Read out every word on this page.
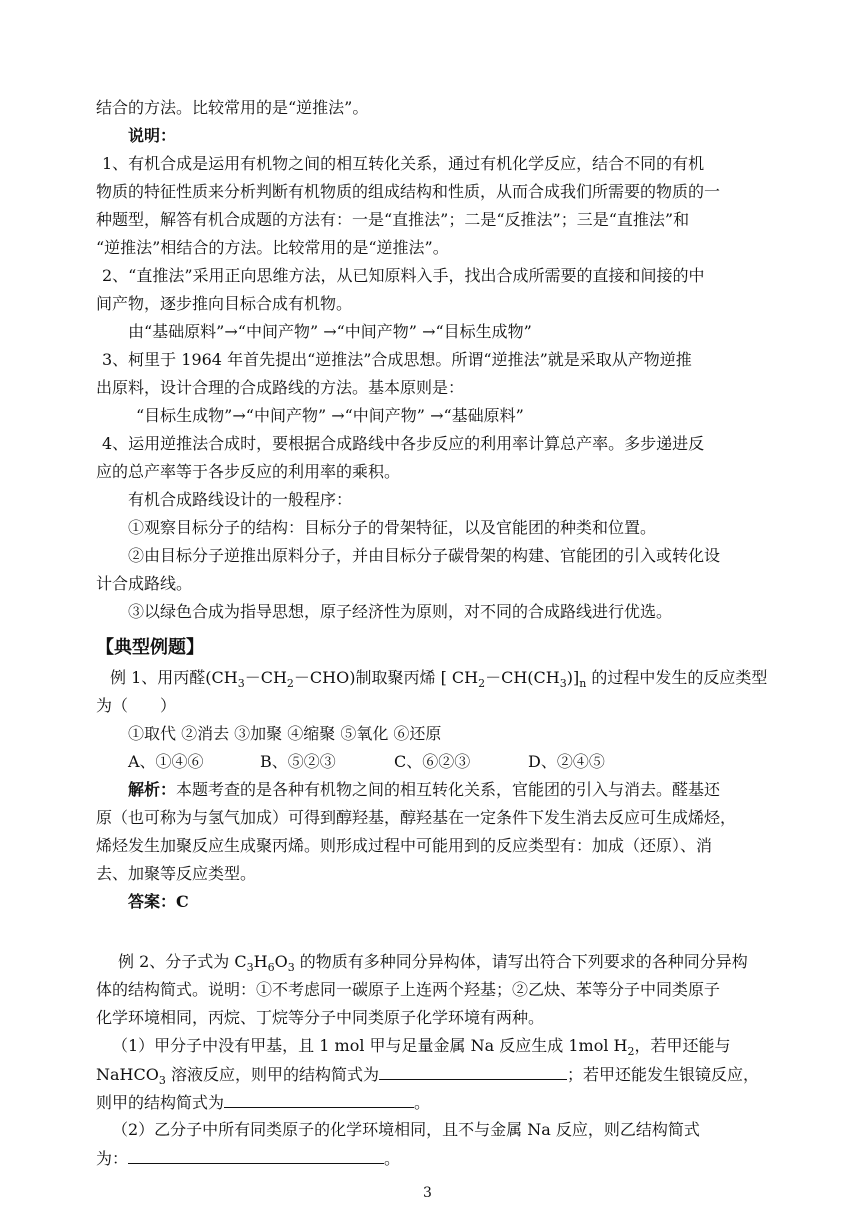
结合的方法。比较常用的是“逆推法”。
说明：
1、有机合成是运用有机物之间的相互转化关系，通过有机化学反应，结合不同的有机
物质的特征性质来分析判断有机物质的组成结构和性质，从而合成我们所需要的物质的一
种题型，解答有机合成题的方法有：一是“直推法”；二是“反推法”；三是“直推法”和
“逆推法”相结合的方法。比较常用的是“逆推法”。
2、“直推法”采用正向思维方法，从已知原料入手，找出合成所需要的直接和间接的中
间产物，逐步推向目标合成有机物。
由“基础原料”→“中间产物” →“中间产物” →“目标生成物”
3、柯里于 1964 年首先提出“逆推法”合成思想。所谓“逆推法”就是采取从产物逆推
出原料，设计合理的合成路线的方法。基本原则是：
“目标生成物”→“中间产物” →“中间产物” →“基础原料”
4、运用逆推法合成时，要根据合成路线中各步反应的利用率计算总产率。多步递进反
应的总产率等于各步反应的利用率的乘积。
有机合成路线设计的一般程序：
①观察目标分子的结构：目标分子的骨架特征，以及官能团的种类和位置。
②由目标分子逆推出原料分子，并由目标分子碳骨架的构建、官能团的引入或转化设
计合成路线。
③以绿色合成为指导思想，原子经济性为原则，对不同的合成路线进行优选。
【典型例题】
例 1、用丙醛$(CH_3-CH_2-CHO)$制取聚丙烯 [ $CH_2-CH(CH_3)]_n$ 的过程中发生的反应类型
为（　　）
①取代 ②消去 ③加聚 ④缩聚 ⑤氧化 ⑥还原
A、①④⑥	B、⑤②③	C、⑥②③	D、②④⑤
解析：本题考查的是各种有机物之间的相互转化关系，官能团的引入与消去。醛基还
原（也可称为与氢气加成）可得到醇羟基，醇羟基在一定条件下发生消去反应可生成烯烃，
烯烃发生加聚反应生成聚丙烯。则形成过程中可能用到的反应类型有：加成（还原）、消
去、加聚等反应类型。
答案：C
例 2、分子式为 $C_3H_6O_3$ 的物质有多种同分异构体，请写出符合下列要求的各种同分异构
体的结构简式。说明：①不考虑同一碳原子上连两个羟基；②乙炔、苯等分子中同类原子
化学环境相同，丙烷、丁烷等分子中同类原子化学环境有两种。
（1）甲分子中没有甲基，且 1 mol 甲与足量金属 Na 反应生成 1mol $H_2$，若甲还能与
NaHCO$_3$ 溶液反应，则甲的结构简式为	；若甲还能发生银镜反应，
则甲的结构简式为	。
（2）乙分子中所有同类原子的化学环境相同，且不与金属 Na 反应，则乙结构简式
为：	。
3
